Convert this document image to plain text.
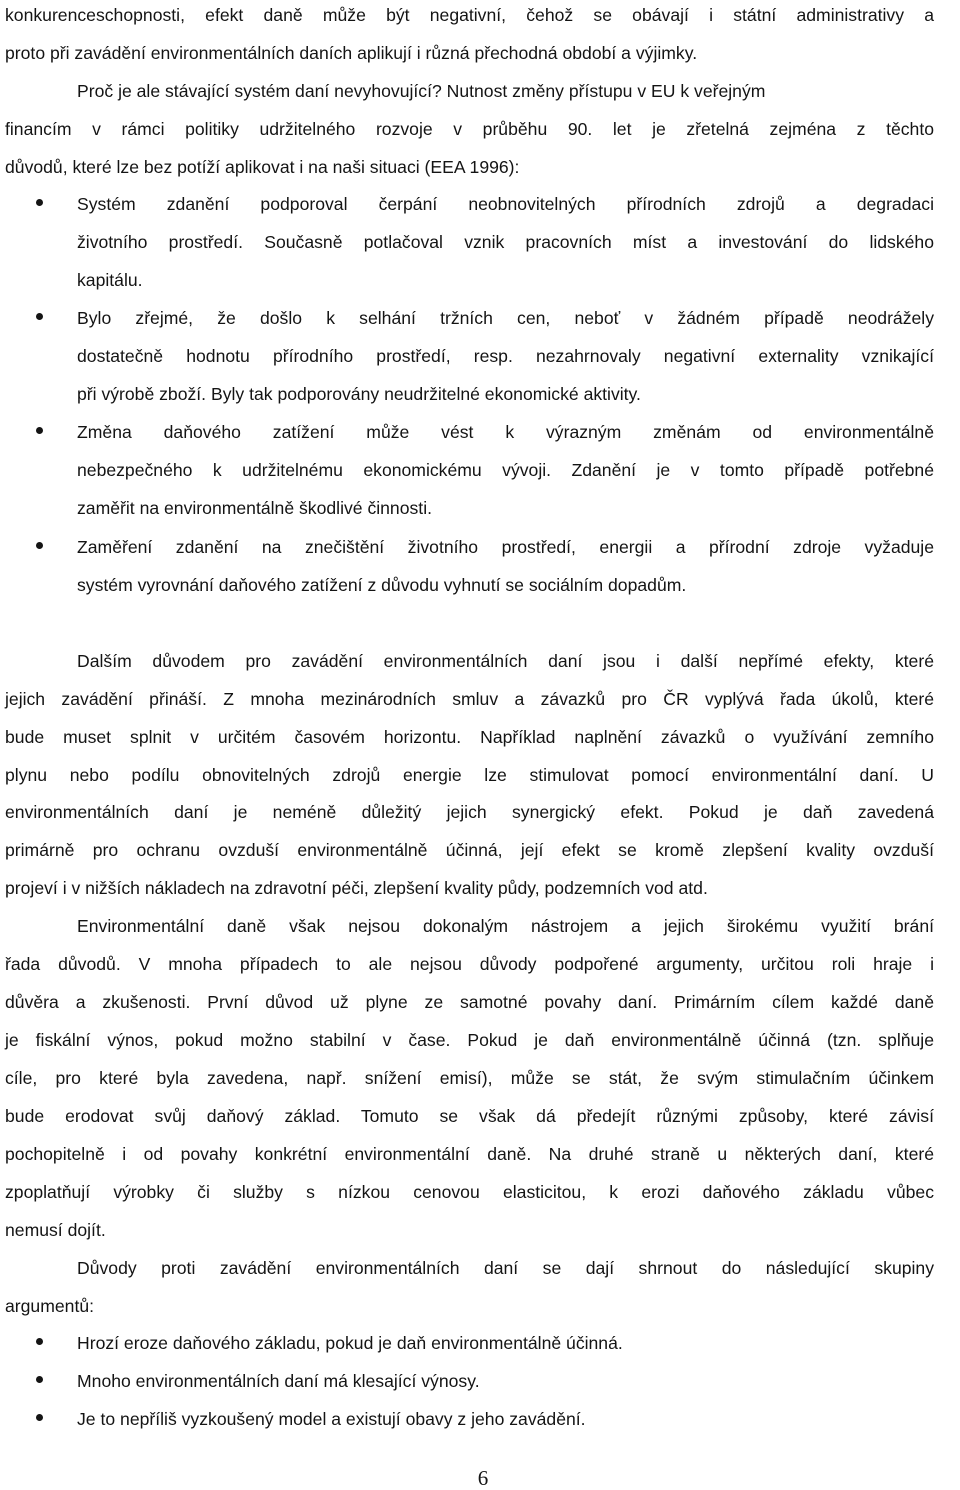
konkurenceschopnosti, efekt daně může být negativní, čehož se obávají i státní administrativy a
proto při zavádění environmentálních daních aplikují i různá přechodná období a výjimky.
Proč je ale stávající systém daní nevyhovující? Nutnost změny přístupu v EU k veřejným
financím v rámci politiky udržitelného rozvoje v průběhu 90. let je zřetelná zejména z těchto
důvodů, které lze bez potíží aplikovat i na naši situaci (EEA 1996):
Systém zdanění podporoval čerpání neobnovitelných přírodních zdrojů a degradaci
životního prostředí. Současně potlačoval vznik pracovních míst a investování do lidského
kapitálu.
Bylo zřejmé, že došlo k selhání tržních cen, neboť v žádném případě neodrážely
dostatečně hodnotu přírodního prostředí, resp. nezahrnovaly negativní externality vznikající
při výrobě zboží. Byly tak podporovány neudržitelné ekonomické aktivity.
Změna daňového zatížení může vést k výrazným změnám od environmentálně
nebezpečného k udržitelnému ekonomickému vývoji. Zdanění je v tomto případě potřebné
zaměřit na environmentálně škodlivé činnosti.
Zaměření zdanění na znečištění životního prostředí, energii a přírodní zdroje vyžaduje
systém vyrovnání daňového zatížení z důvodu vyhnutí se sociálním dopadům.
Dalším důvodem pro zavádění environmentálních daní jsou i další nepřímé efekty, které
jejich zavádění přináší. Z mnoha mezinárodních smluv a závazků pro ČR vyplývá řada úkolů, které
bude muset splnit v určitém časovém horizontu. Například naplnění závazků o využívání zemního
plynu nebo podílu obnovitelných zdrojů energie lze stimulovat pomocí environmentální daní. U
environmentálních daní je neméně důležitý jejich synergický efekt. Pokud je daň zavedená
primárně pro ochranu ovzduší environmentálně účinná, její efekt se kromě zlepšení kvality ovzduší
projeví i v nižších nákladech na zdravotní péči, zlepšení kvality půdy, podzemních vod atd.
Environmentální daně však nejsou dokonalým nástrojem a jejich širokému využití brání
řada důvodů. V mnoha případech to ale nejsou důvody podpořené argumenty, určitou roli hraje i
důvěra a zkušenosti. První důvod už plyne ze samotné povahy daní. Primárním cílem každé daně
je fiskální výnos, pokud možno stabilní v čase. Pokud je daň environmentálně účinná (tzn. splňuje
cíle, pro které byla zavedena, např. snížení emisí), může se stát, že svým stimulačním účinkem
bude erodovat svůj daňový základ. Tomuto se však dá předejít různými způsoby, které závisí
pochopitelně i od povahy konkrétní environmentální daně. Na druhé straně u některých daní, které
zpoplatňují výrobky či služby s nízkou cenovou elasticitou, k erozi daňového základu vůbec
nemusí dojít.
Důvody proti zavádění environmentálních daní se dají shrnout do následující skupiny
argumentů:
Hrozí eroze daňového základu, pokud je daň environmentálně účinná.
Mnoho environmentálních daní má klesající výnosy.
Je to nepříliš vyzkoušený model a existují obavy z jeho zavádění.
6
